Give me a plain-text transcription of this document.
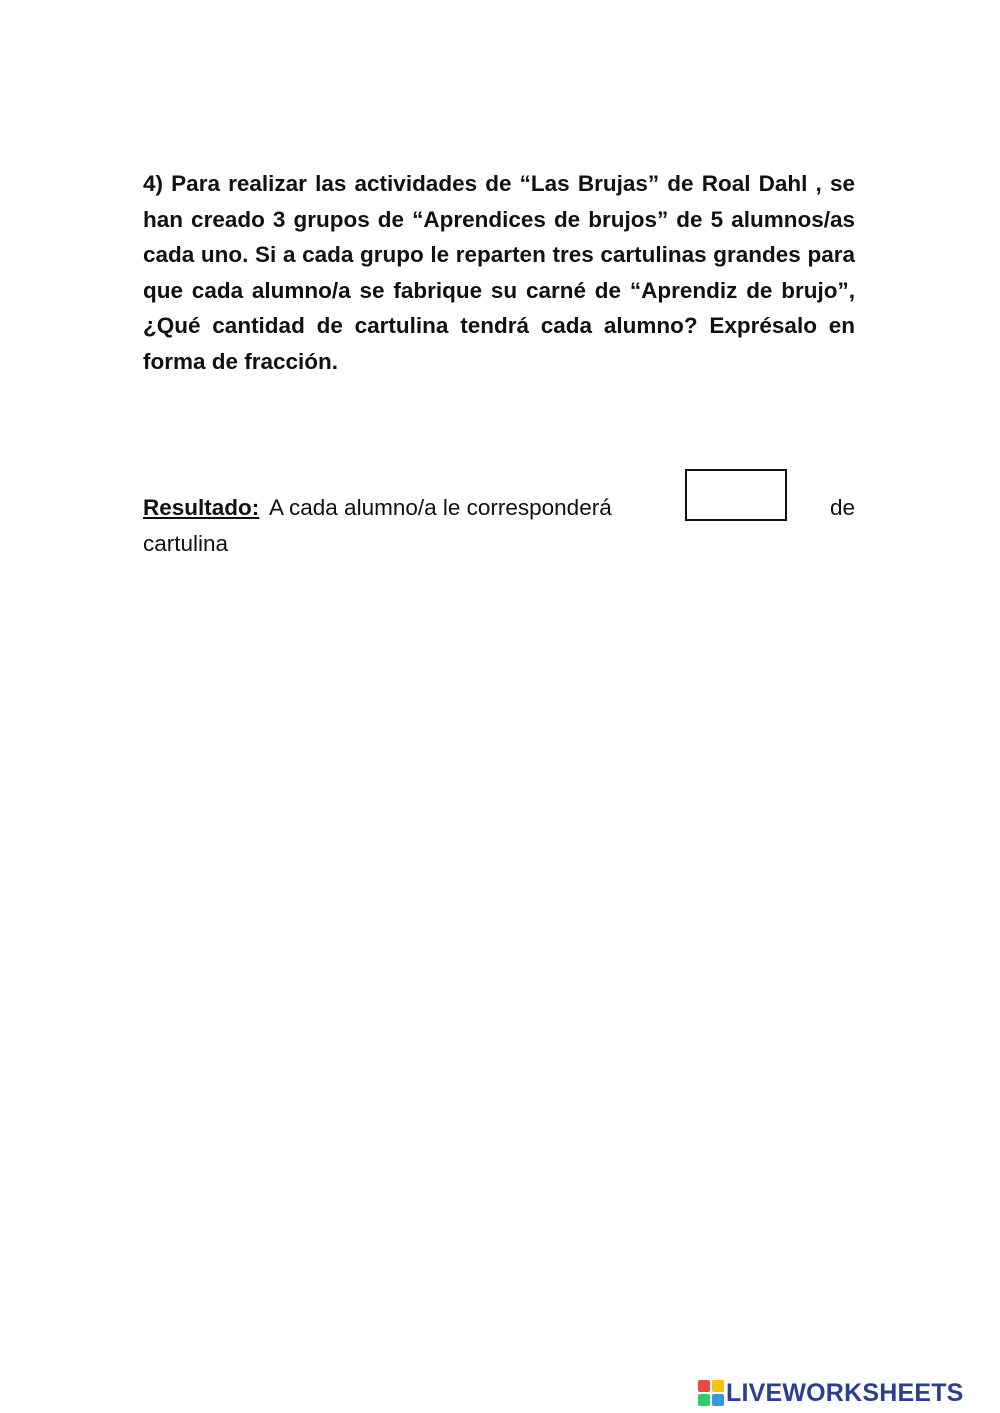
4) Para realizar las actividades de “Las Brujas” de Roal Dahl , se han creado 3 grupos de “Aprendices de brujos” de 5 alumnos/as cada uno. Si a cada grupo le reparten tres cartulinas grandes para que cada alumno/a se fabrique su carné de “Aprendiz de brujo”, ¿Qué cantidad de cartulina tendrá cada alumno? Exprésalo en forma de fracción.

Resultado: A cada alumno/a le corresponderá	de
cartulina
LIVEWORKSHEETS
